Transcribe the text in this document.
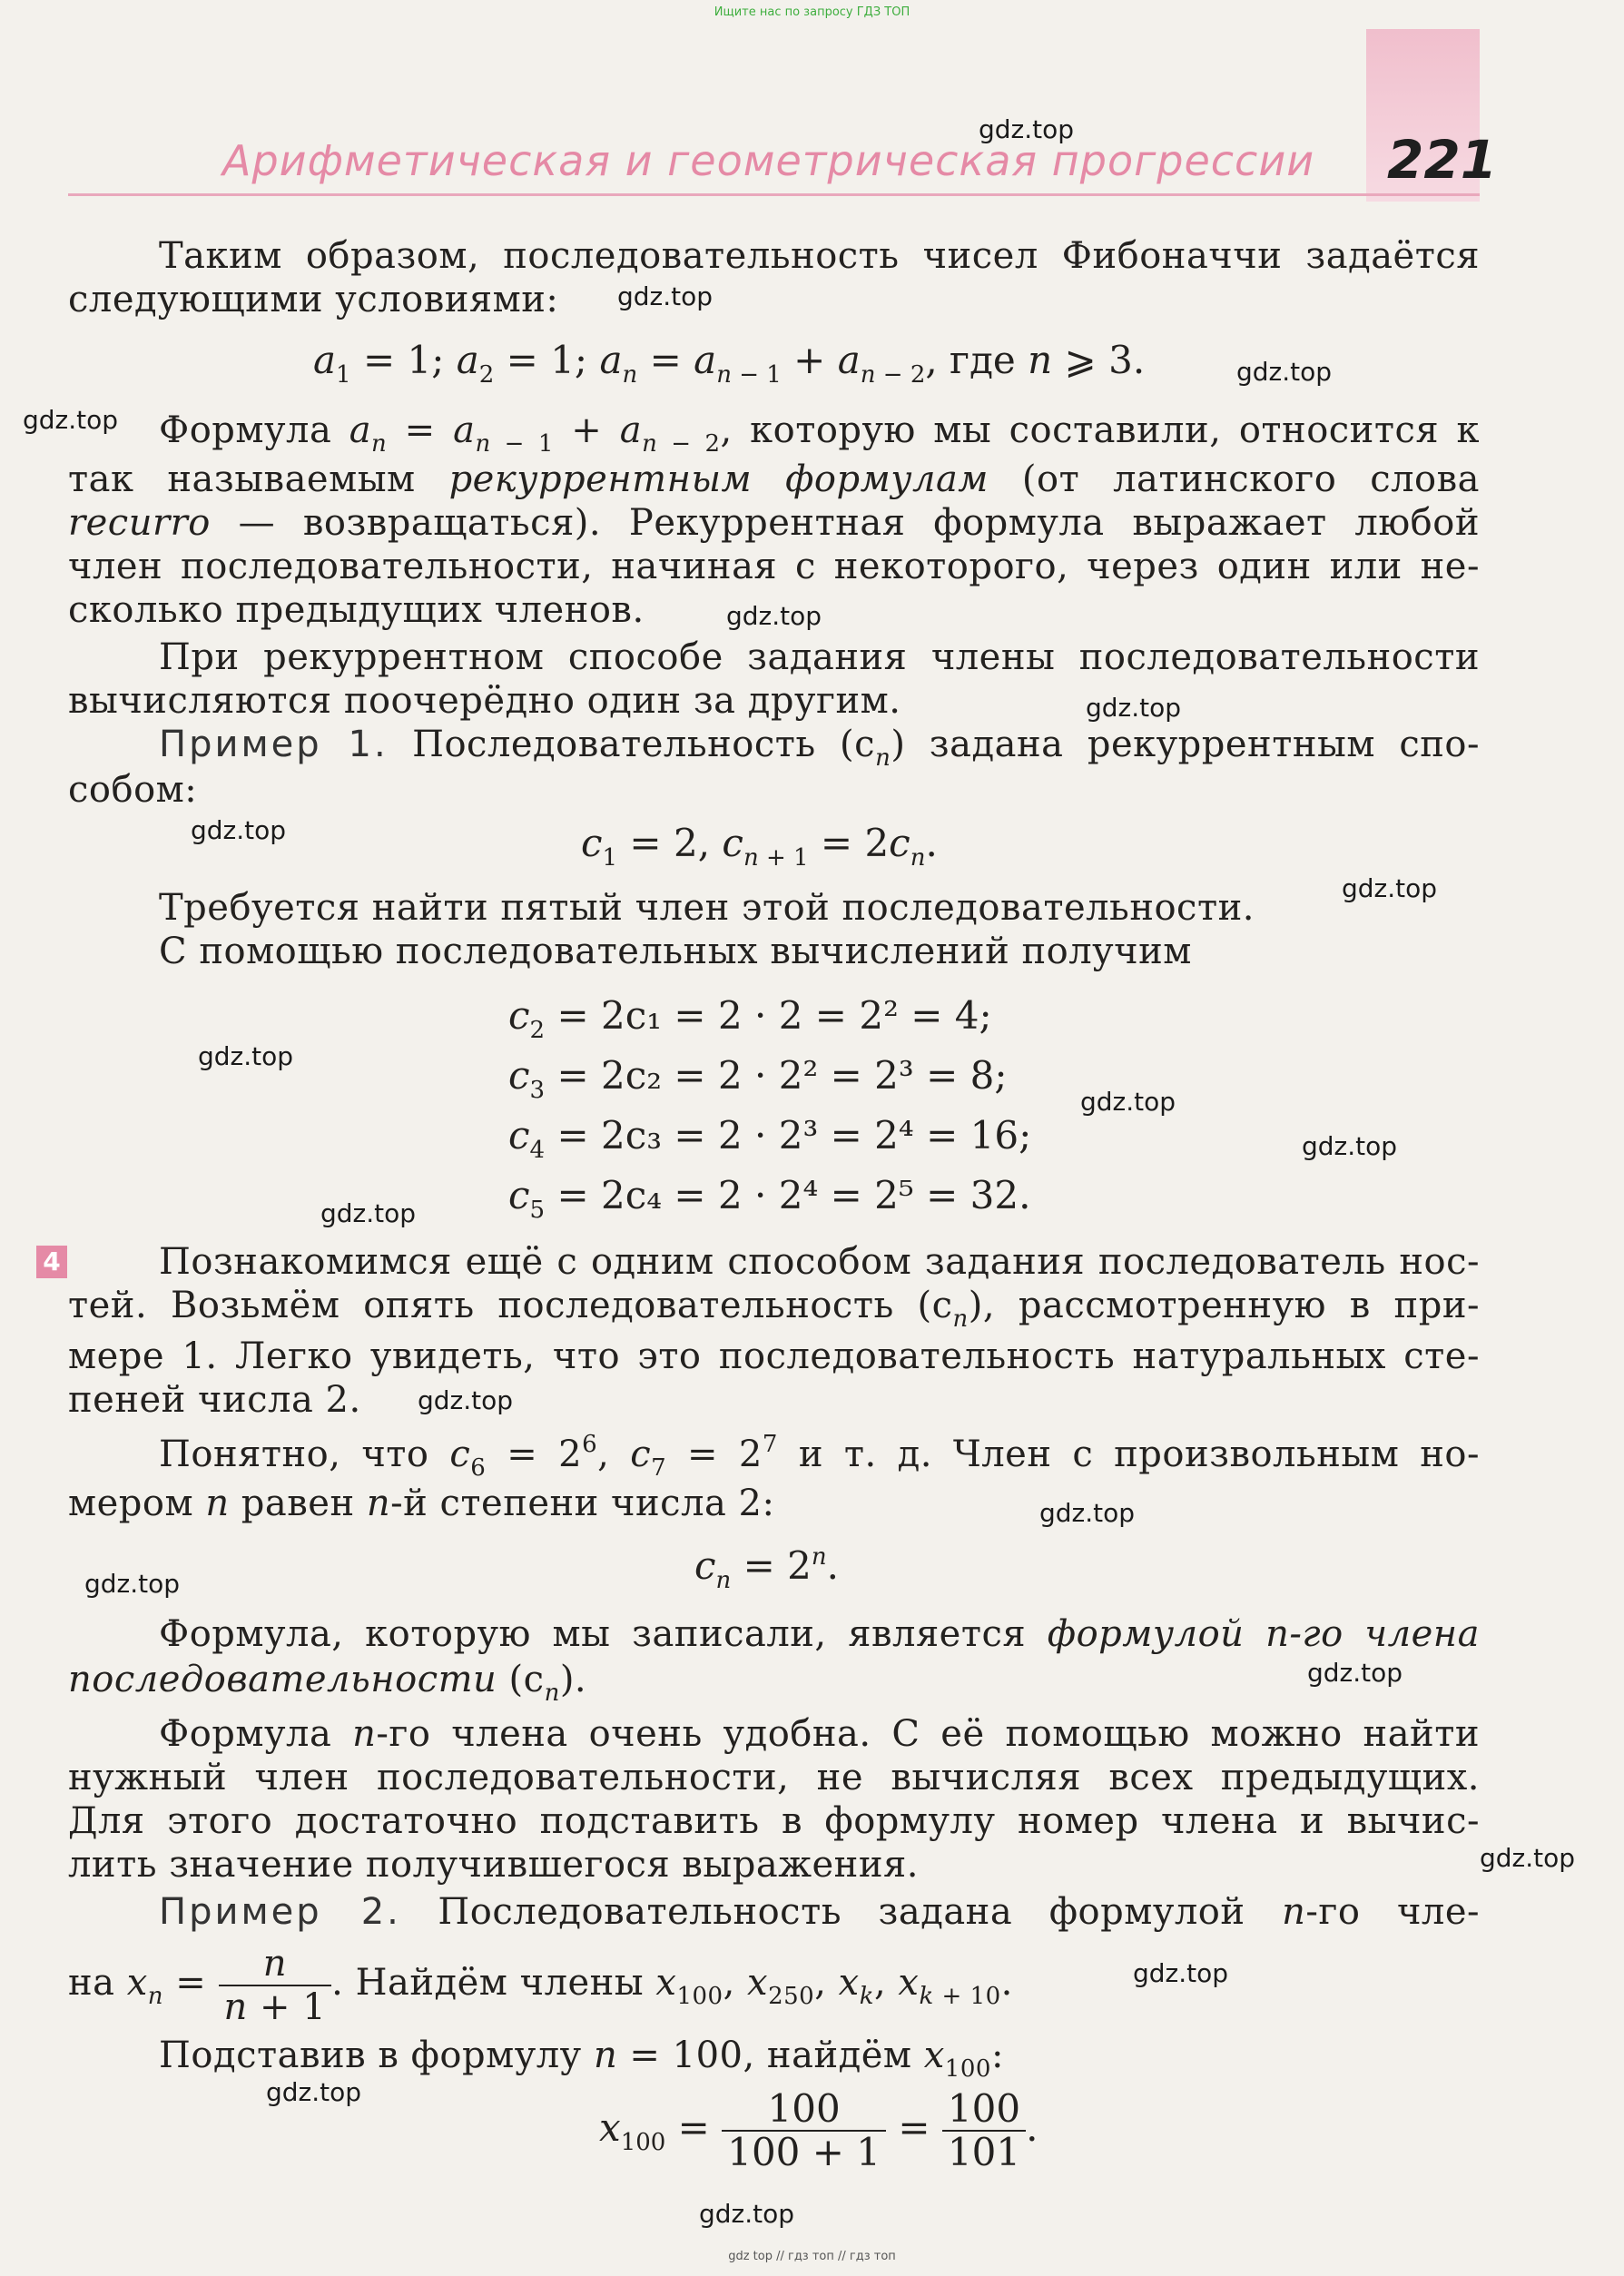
Ищите нас по запросу ГДЗ ТОП
Арифметическая и геометрическая прогрессии 221
Таким образом, последовательность чисел Фибоначчи задаётся
следующими условиями:
$a_1 = 1$; $a_2 = 1$; $a_n = a_{n - 1} + a_{n - 2}$, где n ⩾ 3.
Формула $a_n = a_{n - 1} + a_{n - 2}$, которую мы составили, относится к
так называемым рекуррентным формулам (от латинского слова
recurro — возвращаться). Рекуррентная формула выражает любой
член последовательности, начиная с некоторого, через один или не-
сколько предыдущих членов.
При рекуррентном способе задания члены последовательности
вычисляются поочерёдно один за другим.
Пример 1. Последовательность $(c_n)$ задана рекуррентным спо-
собом:
$c_1 = 2$, $c_{n + 1} = 2c_n$.
Требуется найти пятый член этой последовательности.
С помощью последовательных вычислений получим
$c_2 = 2c_1 = 2 \cdot 2 = 2^2 = 4$;
$c_3 = 2c_2 = 2 \cdot 2^2 = 2^3 = 8$;
$c_4 = 2c_3 = 2 \cdot 2^3 = 2^4 = 16$;
$c_5 = 2c_4 = 2 \cdot 2^4 = 2^5 = 32$.
4	Познакомимся ещё с одним способом задания последователь нос-
тей. Возьмём опять последовательность $(c_n)$, рассмотренную в при-
мере 1. Легко увидеть, что это последовательность натуральных сте-
пеней числа 2.
Понятно, что $c_6 = 2^6$, $c_7 = 2^7$ и т. д. Член с произвольным но-
мером n равен n-й степени числа 2:
$c_n = 2^n$.
Формула, которую мы записали, является формулой n-го члена
последовательности $(c_n)$.
Формула n-го члена очень удобна. С её помощью можно найти
нужный член последовательности, не вычисляя всех предыдущих.
Для этого достаточно подставить в формулу номер члена и вычис-
лить значение получившегося выражения.
Пример 2. Последовательность задана формулой n-го чле-
на $x_n = \frac{n}{n + 1}$ . Найдём члены $x_{100}$, $x_{250}$, $x_k$, $x_{k + 10}$.
Подставив в формулу n = 100, найдём $x_{100}$:
$x_{100} = \frac{100}{100 + 1} = \frac{100}{101}$ .
gdz.top
gdz.top
gdz.top
gdz.top
gdz.top
gdz.top
gdz.top
gdz.top
gdz.top
gdz.top
gdz.top
gdz.top
gdz.top
gdz.top
gdz.top
gdz.top
gdz.top
gdz.top
gdz.top
gdz.top
gdz top // гдз топ // гдз топ
